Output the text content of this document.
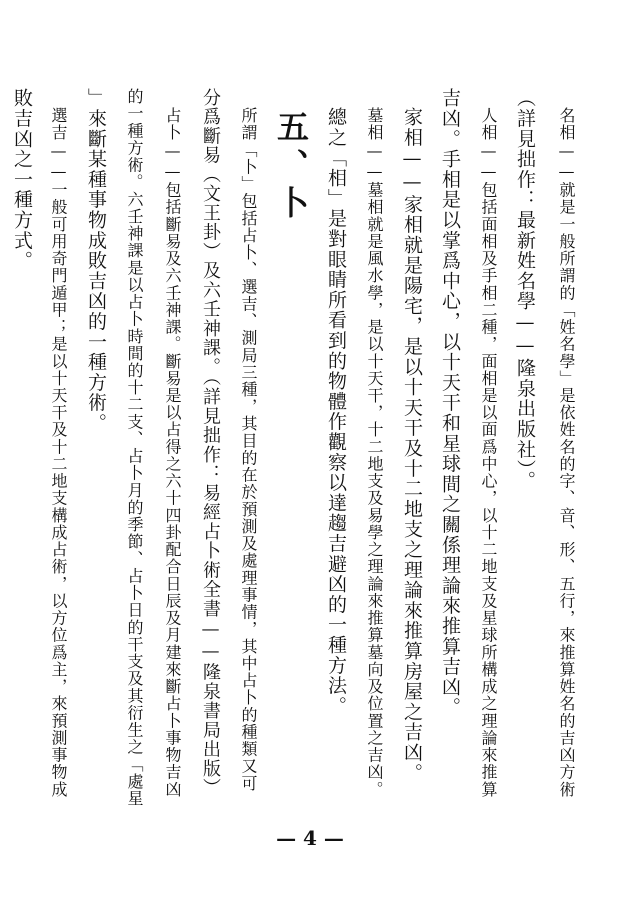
名相——就是一般所謂的「姓名學」是依姓名的字、音、形、五行，來推算姓名的吉凶方術
（詳見拙作：最新姓名學——隆泉出版社）。
人相——包括面相及手相二種，面相是以面爲中心，以十二地支及星球所構成之理論來推算
吉凶。手相是以掌爲中心，以十天干和星球間之關係理論來推算吉凶。
家相——家相就是陽宅，是以十天干及十二地支之理論來推算房屋之吉凶。
墓相——墓相就是風水學，是以十天干，十二地支及易學之理論來推算墓向及位置之吉凶。
總之「相」是對眼睛所看到的物體作觀察以達趨吉避凶的一種方法。
五、卜
所謂「卜」包括占卜、選吉、測局三種，其目的在於預測及處理事情，其中占卜的種類又可
分爲斷易（文王卦）及六壬神課。（詳見拙作：易經占卜術全書——隆泉書局出版）
占卜——包括斷易及六壬神課。斷易是以占得之六十四卦配合日辰及月建來斷占卜事物吉凶
的一種方術。六壬神課是以占卜時間的十二支、占卜月的季節、占卜日的干支及其衍生之「處星
」來斷某種事物成敗吉凶的一種方術。
選吉——一般可用奇門遁甲；是以十天干及十二地支構成占術，以方位爲主，來預測事物成
敗吉凶之一種方式。
— 4 —
